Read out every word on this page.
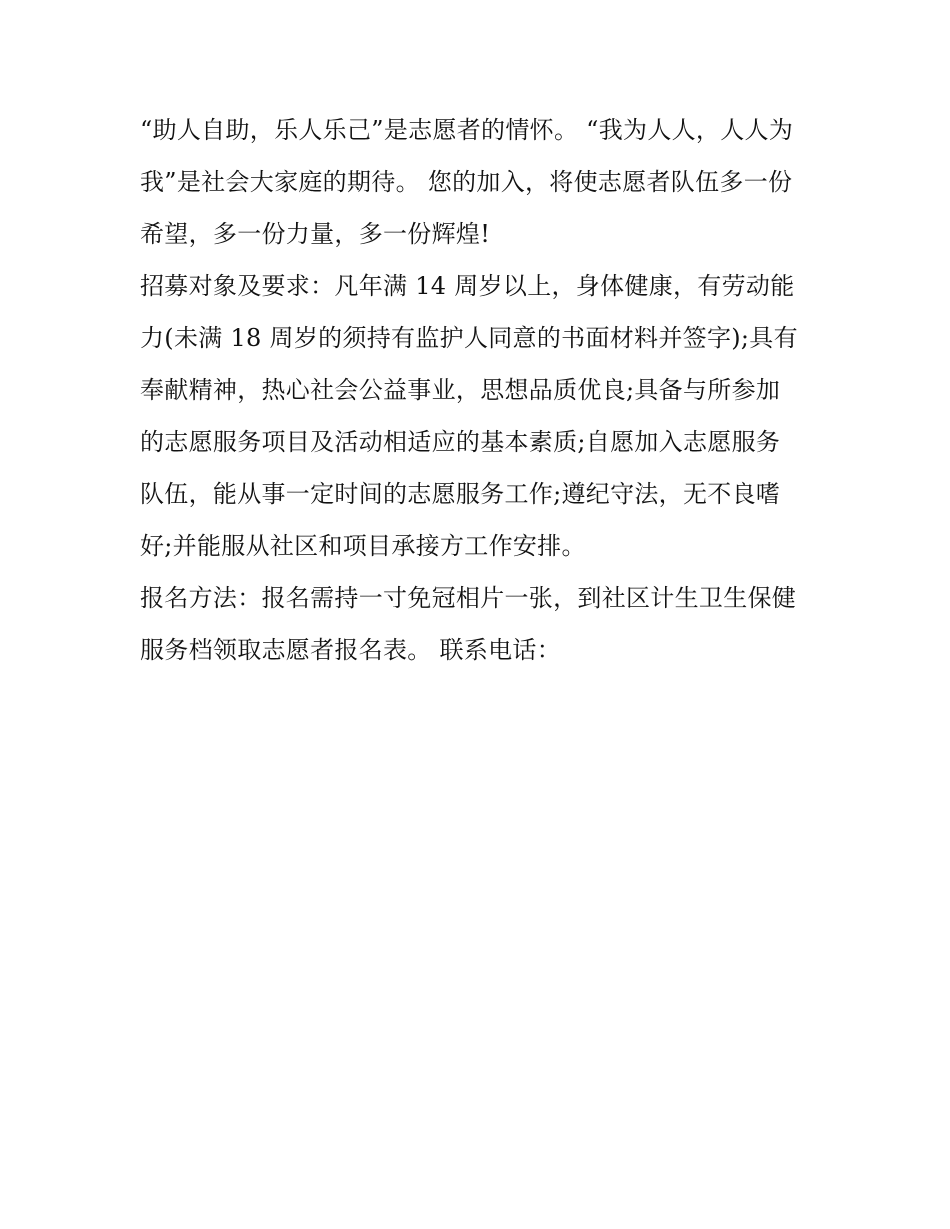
“助人自助，乐人乐己”是志愿者的情怀。 “我为人人，人人为
我”是社会大家庭的期待。 您的加入，将使志愿者队伍多一份
希望，多一份力量，多一份辉煌!

招募对象及要求：凡年满 14 周岁以上，身体健康，有劳动能
力(未满 18 周岁的须持有监护人同意的书面材料并签字);具有
奉献精神，热心社会公益事业，思想品质优良;具备与所参加
的志愿服务项目及活动相适应的基本素质;自愿加入志愿服务
队伍，能从事一定时间的志愿服务工作;遵纪守法，无不良嗜
好;并能服从社区和项目承接方工作安排。

报名方法：报名需持一寸免冠相片一张，到社区计生卫生保健
服务档领取志愿者报名表。 联系电话：
